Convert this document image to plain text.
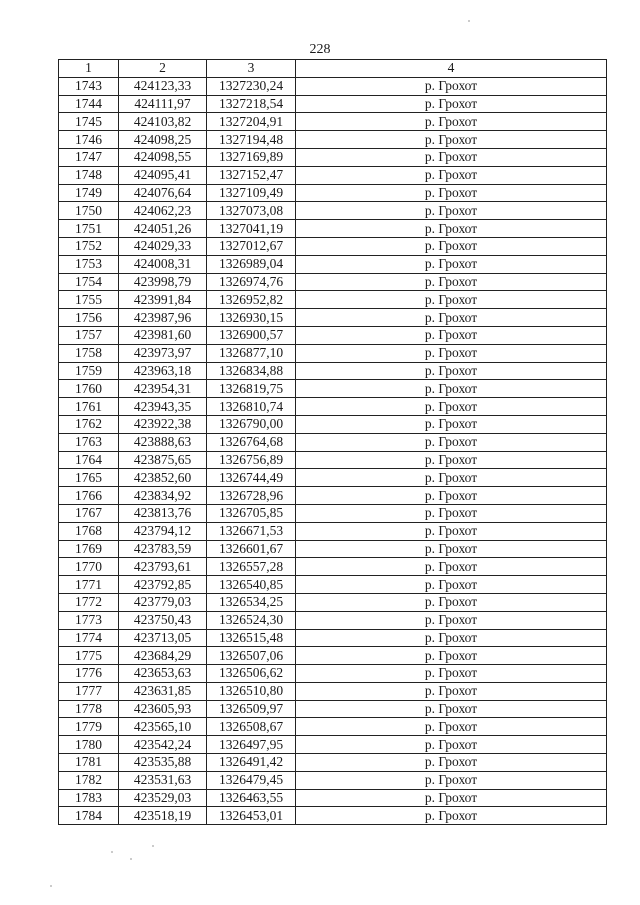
228
1	2	3	4
1743	424123,33	1327230,24	р. Грохот
1744	424111,97	1327218,54	р. Грохот
1745	424103,82	1327204,91	р. Грохот
1746	424098,25	1327194,48	р. Грохот
1747	424098,55	1327169,89	р. Грохот
1748	424095,41	1327152,47	р. Грохот
1749	424076,64	1327109,49	р. Грохот
1750	424062,23	1327073,08	р. Грохот
1751	424051,26	1327041,19	р. Грохот
1752	424029,33	1327012,67	р. Грохот
1753	424008,31	1326989,04	р. Грохот
1754	423998,79	1326974,76	р. Грохот
1755	423991,84	1326952,82	р. Грохот
1756	423987,96	1326930,15	р. Грохот
1757	423981,60	1326900,57	р. Грохот
1758	423973,97	1326877,10	р. Грохот
1759	423963,18	1326834,88	р. Грохот
1760	423954,31	1326819,75	р. Грохот
1761	423943,35	1326810,74	р. Грохот
1762	423922,38	1326790,00	р. Грохот
1763	423888,63	1326764,68	р. Грохот
1764	423875,65	1326756,89	р. Грохот
1765	423852,60	1326744,49	р. Грохот
1766	423834,92	1326728,96	р. Грохот
1767	423813,76	1326705,85	р. Грохот
1768	423794,12	1326671,53	р. Грохот
1769	423783,59	1326601,67	р. Грохот
1770	423793,61	1326557,28	р. Грохот
1771	423792,85	1326540,85	р. Грохот
1772	423779,03	1326534,25	р. Грохот
1773	423750,43	1326524,30	р. Грохот
1774	423713,05	1326515,48	р. Грохот
1775	423684,29	1326507,06	р. Грохот
1776	423653,63	1326506,62	р. Грохот
1777	423631,85	1326510,80	р. Грохот
1778	423605,93	1326509,97	р. Грохот
1779	423565,10	1326508,67	р. Грохот
1780	423542,24	1326497,95	р. Грохот
1781	423535,88	1326491,42	р. Грохот
1782	423531,63	1326479,45	р. Грохот
1783	423529,03	1326463,55	р. Грохот
1784	423518,19	1326453,01	р. Грохот
